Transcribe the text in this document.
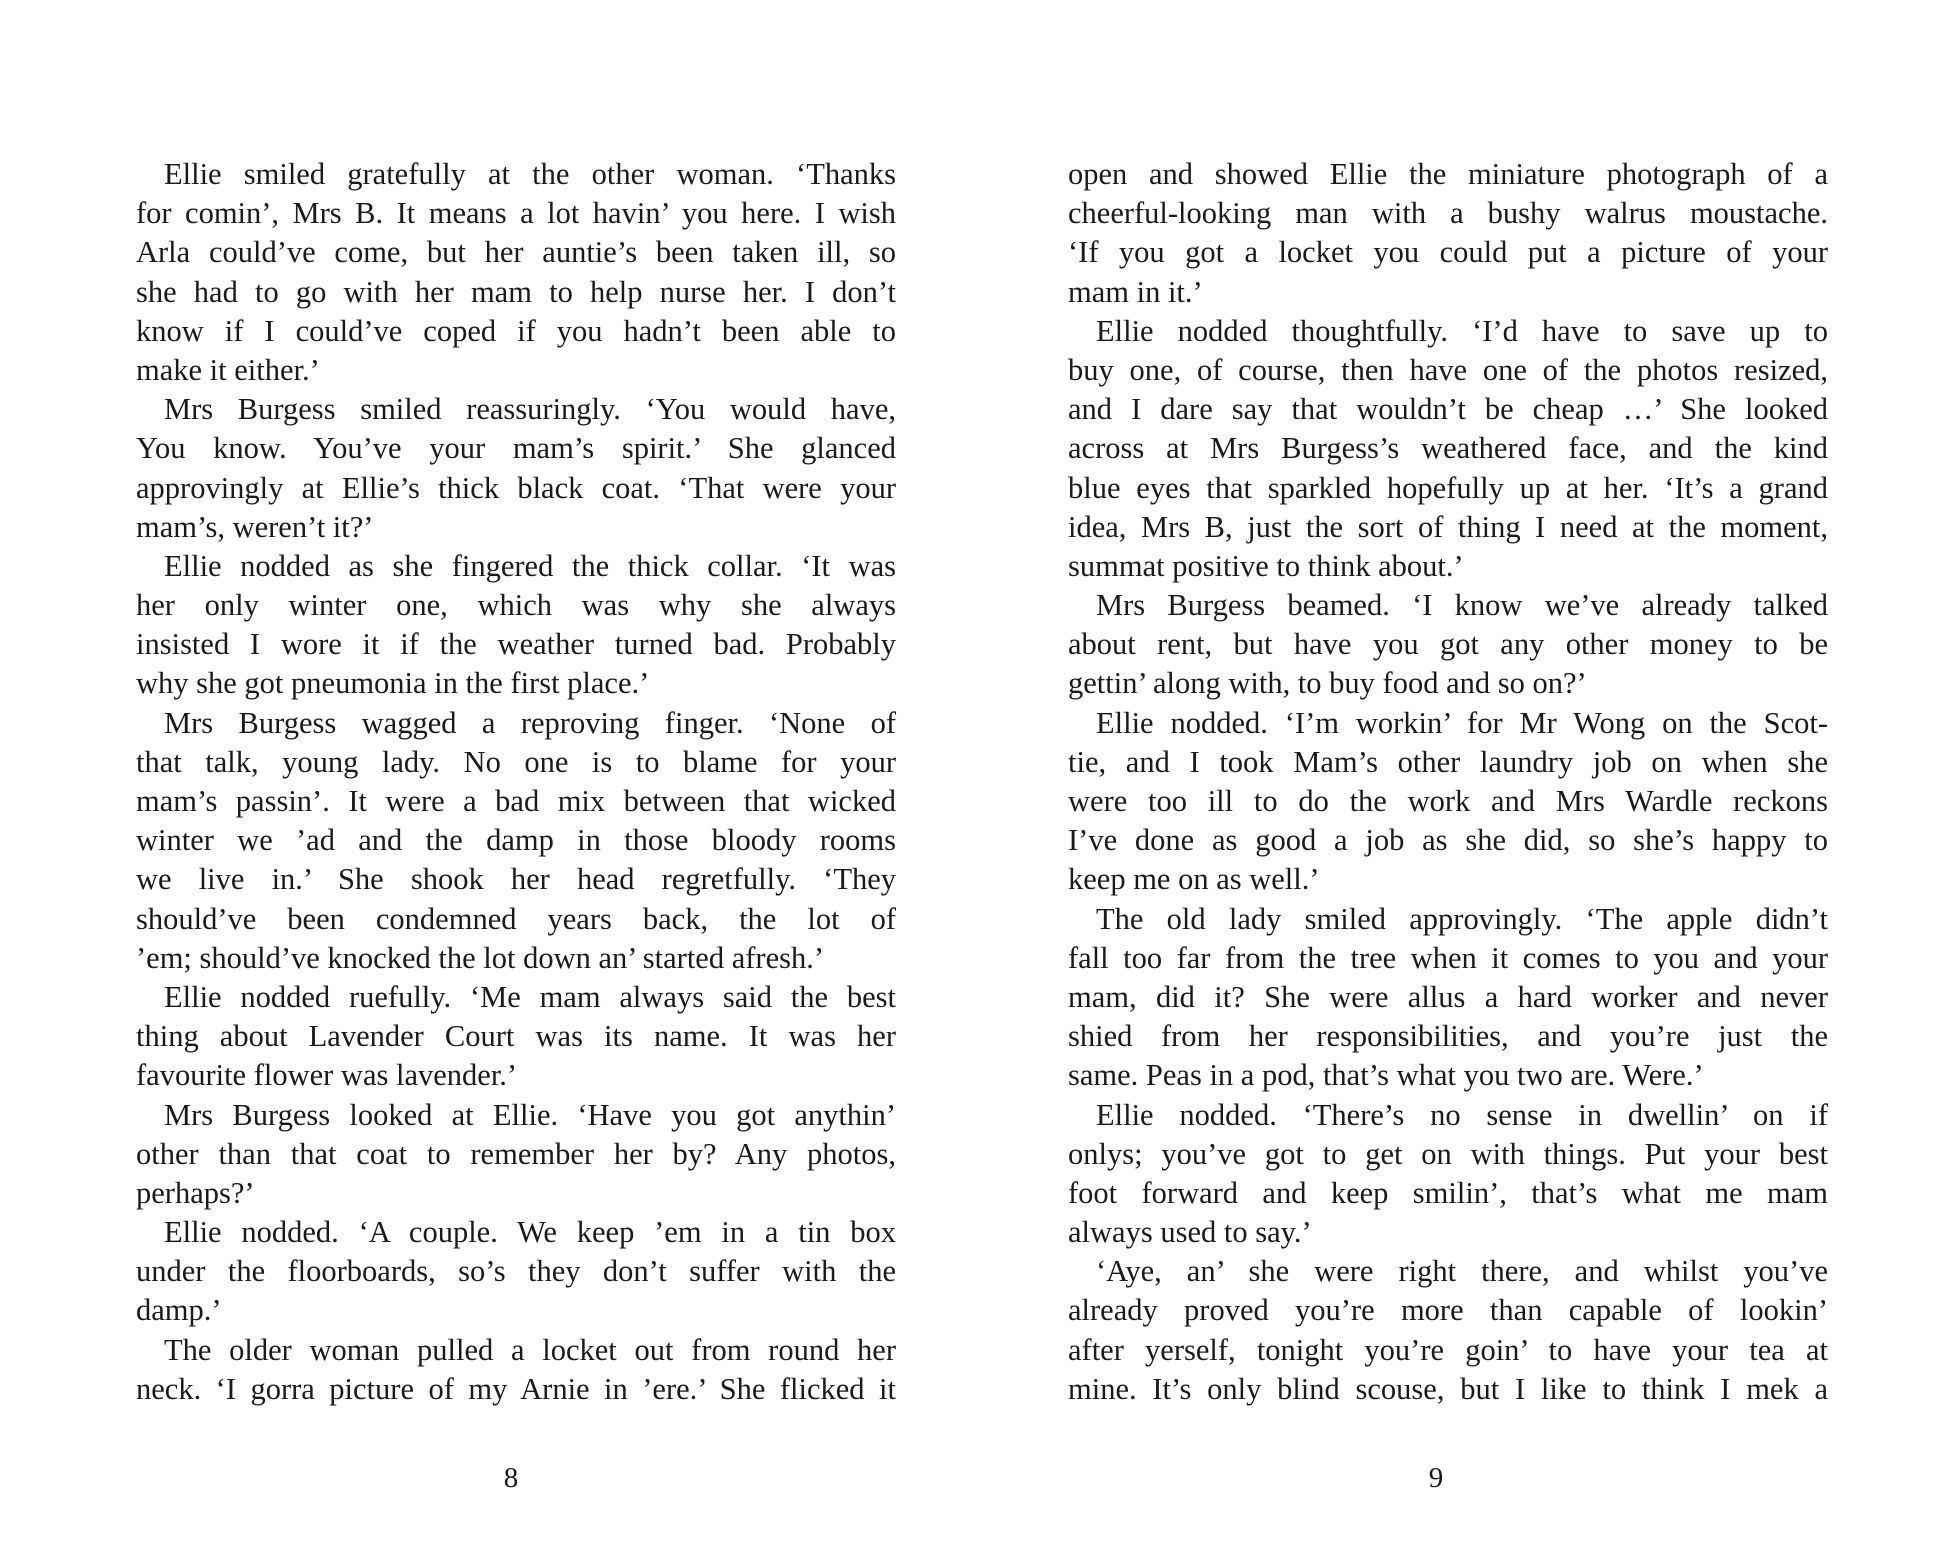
Ellie smiled gratefully at the other woman. ‘Thanks
for comin’, Mrs B. It means a lot havin’ you here. I wish
Arla could’ve come, but her auntie’s been taken ill, so
she had to go with her mam to help nurse her. I don’t
know if I could’ve coped if you hadn’t been able to
make it either.’
Mrs Burgess smiled reassuringly. ‘You would have,
You know. You’ve your mam’s spirit.’ She glanced
approvingly at Ellie’s thick black coat. ‘That were your
mam’s, weren’t it?’
Ellie nodded as she fingered the thick collar. ‘It was
her only winter one, which was why she always
insisted I wore it if the weather turned bad. Probably
why she got pneumonia in the first place.’
Mrs Burgess wagged a reproving finger. ‘None of
that talk, young lady. No one is to blame for your
mam’s passin’. It were a bad mix between that wicked
winter we ’ad and the damp in those bloody rooms
we live in.’ She shook her head regretfully. ‘They
should’ve been condemned years back, the lot of
’em; should’ve knocked the lot down an’ started afresh.’
Ellie nodded ruefully. ‘Me mam always said the best
thing about Lavender Court was its name. It was her
favourite flower was lavender.’
Mrs Burgess looked at Ellie. ‘Have you got anythin’
other than that coat to remember her by? Any photos,
perhaps?’
Ellie nodded. ‘A couple. We keep ’em in a tin box
under the floorboards, so’s they don’t suffer with the
damp.’
The older woman pulled a locket out from round her
neck. ‘I gorra picture of my Arnie in ’ere.’ She flicked it
8
open and showed Ellie the miniature photograph of a
cheerful-looking man with a bushy walrus moustache.
‘If you got a locket you could put a picture of your
mam in it.’
Ellie nodded thoughtfully. ‘I’d have to save up to
buy one, of course, then have one of the photos resized,
and I dare say that wouldn’t be cheap …’ She looked
across at Mrs Burgess’s weathered face, and the kind
blue eyes that sparkled hopefully up at her. ‘It’s a grand
idea, Mrs B, just the sort of thing I need at the moment,
summat positive to think about.’
Mrs Burgess beamed. ‘I know we’ve already talked
about rent, but have you got any other money to be
gettin’ along with, to buy food and so on?’
Ellie nodded. ‘I’m workin’ for Mr Wong on the Scot-
tie, and I took Mam’s other laundry job on when she
were too ill to do the work and Mrs Wardle reckons
I’ve done as good a job as she did, so she’s happy to
keep me on as well.’
The old lady smiled approvingly. ‘The apple didn’t
fall too far from the tree when it comes to you and your
mam, did it? She were allus a hard worker and never
shied from her responsibilities, and you’re just the
same. Peas in a pod, that’s what you two are. Were.’
Ellie nodded. ‘There’s no sense in dwellin’ on if
onlys; you’ve got to get on with things. Put your best
foot forward and keep smilin’, that’s what me mam
always used to say.’
‘Aye, an’ she were right there, and whilst you’ve
already proved you’re more than capable of lookin’
after yerself, tonight you’re goin’ to have your tea at
mine. It’s only blind scouse, but I like to think I mek a
9
